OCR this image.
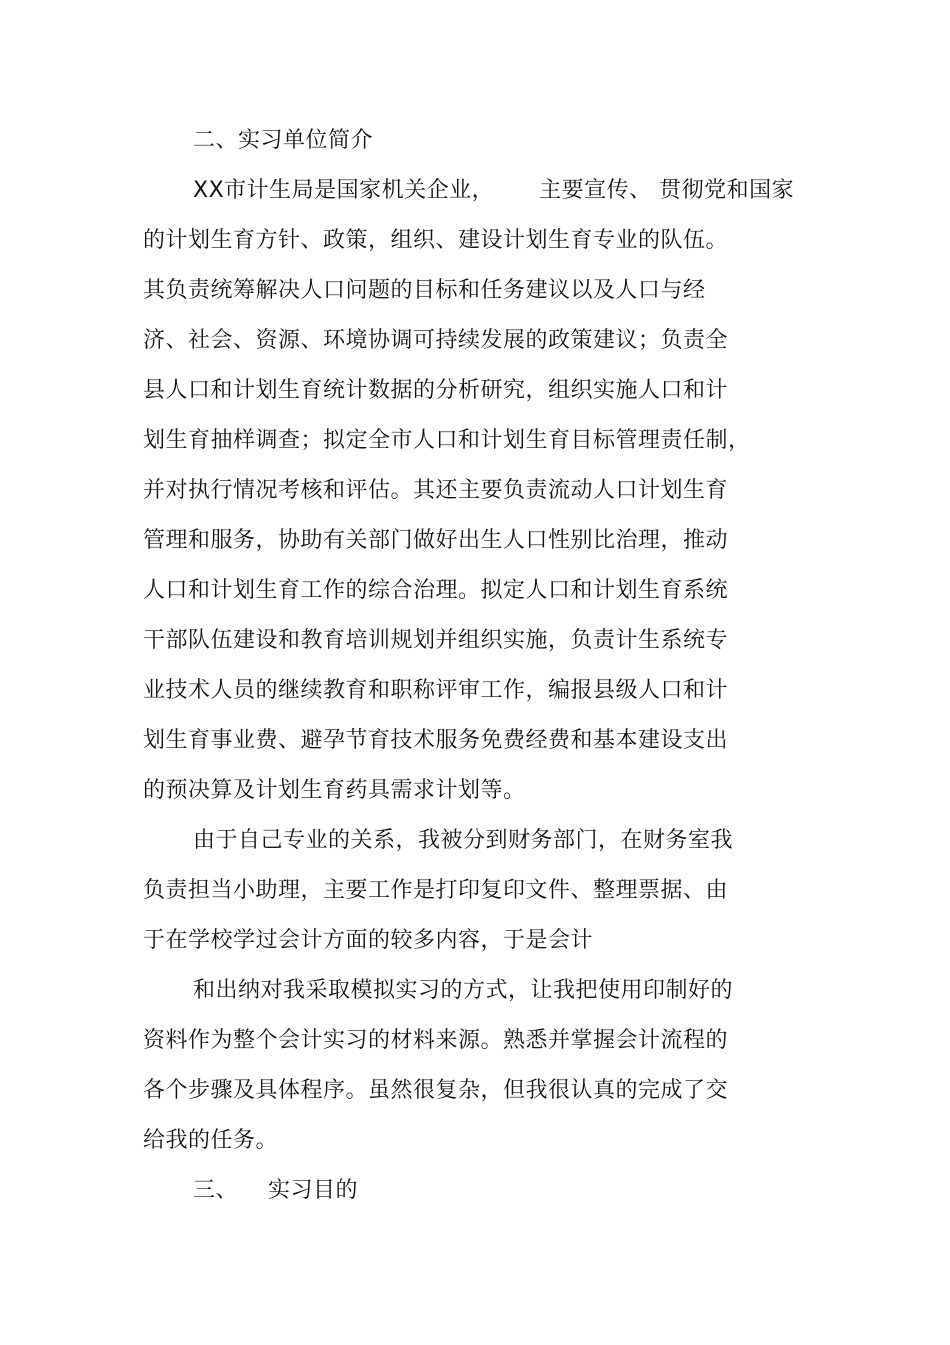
二、实习单位简介
XX市计生局是国家机关企业，      主要宣传、 贯彻党和国家
的计划生育方针、政策，组织、建设计划生育专业的队伍。
其负责统筹解决人口问题的目标和任务建议以及人口与经
济、社会、资源、环境协调可持续发展的政策建议；负责全
县人口和计划生育统计数据的分析研究，组织实施人口和计
划生育抽样调查；拟定全市人口和计划生育目标管理责任制，
并对执行情况考核和评估。其还主要负责流动人口计划生育
管理和服务，协助有关部门做好出生人口性别比治理，推动
人口和计划生育工作的综合治理。拟定人口和计划生育系统
干部队伍建设和教育培训规划并组织实施，负责计生系统专
业技术人员的继续教育和职称评审工作，编报县级人口和计
划生育事业费、避孕节育技术服务免费经费和基本建设支出
的预决算及计划生育药具需求计划等。
由于自己专业的关系，我被分到财务部门，在财务室我
负责担当小助理，主要工作是打印复印文件、整理票据、由
于在学校学过会计方面的较多内容，于是会计
和出纳对我采取模拟实习的方式，让我把使用印制好的
资料作为整个会计实习的材料来源。熟悉并掌握会计流程的
各个步骤及具体程序。虽然很复杂，但我很认真的完成了交
给我的任务。
三、    实习目的
